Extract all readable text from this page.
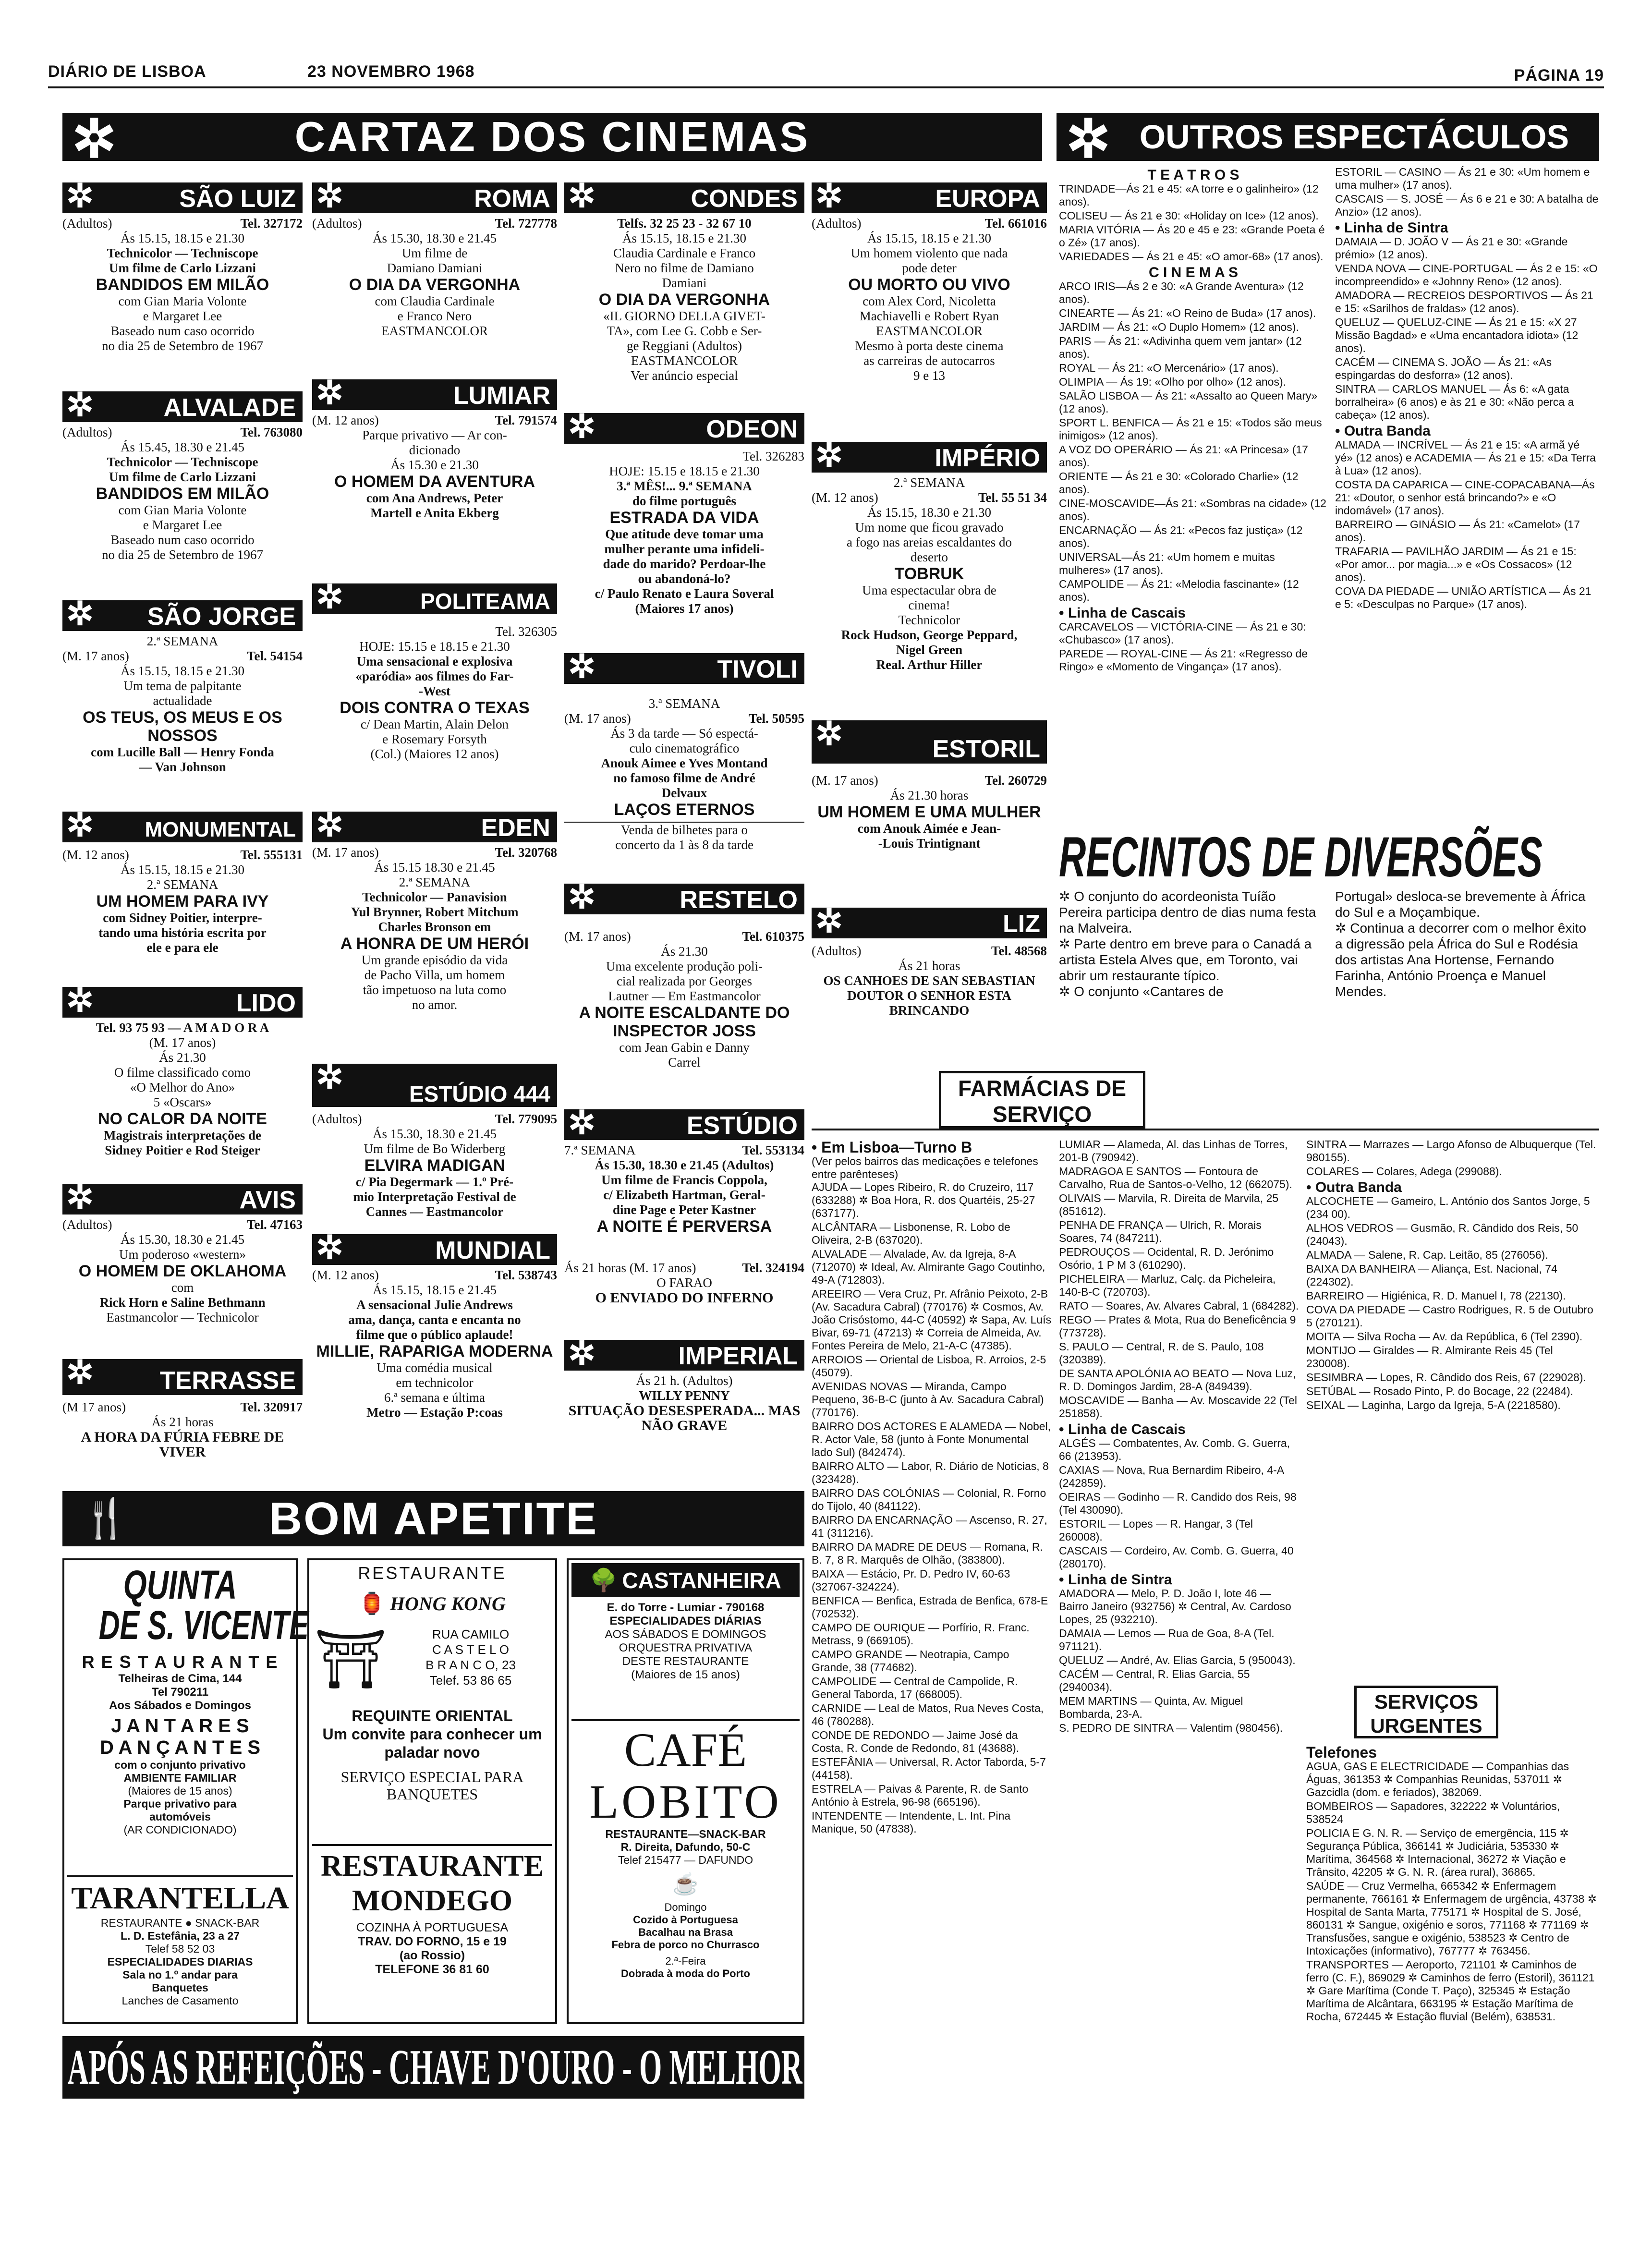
DIÁRIO DE LISBOA	23 NOVEMBRO 1968	PÁGINA 19
✲	CARTAZ DOS CINEMAS	✲ OUTROS ESPECTÁCULOS
✲	SÃO LUIZ
(Adultos)	Tel. 327172

Ás 15.15, 18.15 e 21.30

Technicolor — Techniscope

Um filme de Carlo Lizzani

BANDIDOS EM MILÃO

com Gian Maria Volonte

e Margaret Lee

Baseado num caso ocorrido

no dia 25 de Setembro de 1967

✲	ALVALADE
(Adultos)	Tel. 763080

Ás 15.45, 18.30 e 21.45

Technicolor — Techniscope

Um filme de Carlo Lizzani

BANDIDOS EM MILÃO

com Gian Maria Volonte

e Margaret Lee

Baseado num caso ocorrido

no dia 25 de Setembro de 1967

✲ SÃO JORGE

2.ª SEMANA

(M. 17 anos)	Tel. 54154

Ás 15.15, 18.15 e 21.30

Um tema de palpitante

actualidade

OS TEUS, OS MEUS E OS NOSSOS

com Lucille Ball — Henry Fonda

— Van Johnson

✲ MONUMENTAL
(M. 12 anos)	Tel. 555131

Ás 15.15, 18.15 e 21.30

2.ª SEMANA

UM HOMEM PARA IVY

com Sidney Poitier, interpre-

tando uma história escrita por

ele e para ele

✲	LIDO

Tel. 93 75 93 — A M A D O R A

(M. 17 anos)

Ás 21.30

O filme classificado como

«O Melhor do Ano»

5 «Oscars»

NO CALOR DA NOITE

Magistrais interpretações de

Sidney Poitier e Rod Steiger

✲	AVIS
(Adultos)	Tel. 47163

Ás 15.30, 18.30 e 21.45

Um poderoso «western»

O HOMEM DE OKLAHOMA

com

Rick Horn e Saline Bethmann

Eastmancolor — Technicolor

✲	TERRASSE
(M 17 anos)	Tel. 320917

Ás 21 horas

A HORA DA FÚRIA FEBRE DE VIVER

✲	ROMA
(Adultos)	Tel. 727778

Ás 15.30, 18.30 e 21.45

Um filme de

Damiano Damiani

O DIA DA VERGONHA

com Claudia Cardinale

e Franco Nero

EASTMANCOLOR

✲	LUMIAR
(M. 12 anos)	Tel. 791574

Parque privativo — Ar con-

dicionado

Ás 15.30 e 21.30

O HOMEM DA AVENTURA

com Ana Andrews, Peter

Martell e Anita Ekberg

✲	POLITEAMA

Tel. 326305

HOJE: 15.15 e 18.15 e 21.30

Uma sensacional e explosiva

«paródia» aos filmes do Far-

-West

DOIS CONTRA O TEXAS

c/ Dean Martin, Alain Delon

e Rosemary Forsyth

(Col.) (Maiores 12 anos)

✲	EDEN
(M. 17 anos)	Tel. 320768

Ás 15.15 18.30 e 21.45

2.ª SEMANA

Technicolor — Panavision

Yul Brynner, Robert Mitchum

Charles Bronson em

A HONRA DE UM HERÓI

Um grande episódio da vida

de Pacho Villa, um homem

tão impetuoso na luta como

no amor.

✲	ESTÚDIO 444
(Adultos)	Tel. 779095

Ás 15.30, 18.30 e 21.45

Um filme de Bo Widerberg

ELVIRA MADIGAN

c/ Pia Degermark — 1.º Pré-

mio Interpretação Festival de

Cannes — Eastmancolor

✲	MUNDIAL
(M. 12 anos)	Tel. 538743

Ás 15.15, 18.15 e 21.45

A sensacional Julie Andrews

ama, dança, canta e encanta no

filme que o público aplaude!

MILLIE, RAPARIGA MODERNA

Uma comédia musical

em technicolor

6.ª semana e última

Metro — Estação P:coas

✲	CONDES

Telfs. 32 25 23 - 32 67 10

Ás 15.15, 18.15 e 21.30

Claudia Cardinale e Franco

Nero no filme de Damiano

Damiani

O DIA DA VERGONHA

«IL GIORNO DELLA GIVET-

TA», com Lee G. Cobb e Ser-

ge Reggiani (Adultos)

EASTMANCOLOR

Ver anúncio especial

✲	ODEON

Tel. 326283

HOJE: 15.15 e 18.15 e 21.30

3.ª MÊS!... 9.ª SEMANA

do filme português

ESTRADA DA VIDA

Que atitude deve tomar uma

mulher perante uma infideli-

dade do marido? Perdoar-lhe

ou abandoná-lo?

c/ Paulo Renato e Laura Soveral

(Maiores 17 anos)

✲	TIVOLI

3.ª SEMANA

(M. 17 anos)	Tel. 50595

Ás 3 da tarde — Só espectá-

culo cinematográfico

Anouk Aimee e Yves Montand

no famoso filme de André

Delvaux

LAÇOS ETERNOS

Venda de bilhetes para o

concerto da 1 às 8 da tarde

✲	RESTELO
(M. 17 anos)	Tel. 610375

Ás 21.30

Uma excelente produção poli-

cial realizada por Georges

Lautner — Em Eastmancolor

A NOITE ESCALDANTE DO INSPECTOR JOSS

com Jean Gabin e Danny

Carrel

✲	ESTÚDIO
7.ª SEMANA	Tel. 553134

Ás 15.30, 18.30 e 21.45 (Adultos)

Um filme de Francis Coppola,

c/ Elizabeth Hartman, Geral-

dine Page e Peter Kastner

A NOITE É PERVERSA

Ás 21 horas (M. 17 anos)	Tel. 324194

O FARAO

O ENVIADO DO INFERNO

✲	IMPERIAL

Ás 21 h. (Adultos)

WILLY PENNY

SITUAÇÃO DESESPERADA... MAS NÃO GRAVE

✲	EUROPA
(Adultos)	Tel. 661016

Ás 15.15, 18.15 e 21.30

Um homem violento que nada

pode deter

OU MORTO OU VIVO

com Alex Cord, Nicoletta

Machiavelli e Robert Ryan

EASTMANCOLOR

Mesmo à porta deste cinema

as carreiras de autocarros

9 e 13

✲	IMPÉRIO

2.ª SEMANA

(M. 12 anos)	Tel. 55 51 34

Ás 15.15, 18.30 e 21.30

Um nome que ficou gravado

a fogo nas areias escaldantes do

deserto

TOBRUK

Uma espectacular obra de

cinema!

Technicolor

Rock Hudson, George Peppard,

Nigel Green

Real. Arthur Hiller

✲	ESTORIL
(M. 17 anos)	Tel. 260729

Ás 21.30 horas

UM HOMEM E UMA MULHER

com Anouk Aimée e Jean-

-Louis Trintignant

✲	LIZ
(Adultos)	Tel. 48568

Ás 21 horas

OS CANHOES DE SAN SEBASTIAN

DOUTOR O SENHOR ESTA

BRINCANDO

T E A T R O S

TRINDADE—Ás 21 e 45: «A torre e o galinheiro» (12 anos).

COLISEU — Ás 21 e 30: «Holiday on Ice» (12 anos).

MARIA VITÓRIA — Ás 20 e 45 e 23: «Grande Poeta é o Zé» (17 anos).

VARIEDADES — Ás 21 e 45: «O amor-68» (17 anos).

C I N E M A S

ARCO IRIS—Ás 2 e 30: «A Grande Aventura» (12 anos).

CINEARTE — Ás 21: «O Reino de Buda» (17 anos).

JARDIM — Ás 21: «O Duplo Homem» (12 anos).

PARIS — Ás 21: «Adivinha quem vem jantar» (12 anos).

ROYAL — Ás 21: «O Mercenário» (17 anos).

OLIMPIA — Ás 19: «Olho por olho» (12 anos).

SALÃO LISBOA — Ás 21: «Assalto ao Queen Mary» (12 anos).

SPORT L. BENFICA — Ás 21 e 15: «Todos são meus inimigos» (12 anos).

A VOZ DO OPERÁRIO — Ás 21: «A Princesa» (17 anos).

ORIENTE — Ás 21 e 30: «Colorado Charlie» (12 anos).

CINE-MOSCAVIDE—Ás 21: «Sombras na cidade» (12 anos).

ENCARNAÇÃO — Ás 21: «Pecos faz justiça» (12 anos).

UNIVERSAL—Ás 21: «Um homem e muitas mulheres» (17 anos).

CAMPOLIDE — Ás 21: «Melodia fascinante» (12 anos).

• Linha de Cascais

CARCAVELOS — VICTÓRIA-CINE — Ás 21 e 30: «Chubasco» (17 anos).

PAREDE — ROYAL-CINE — Ás 21: «Regresso de Ringo» e «Momento de Vingança» (17 anos).

ESTORIL — CASINO — Ás 21 e 30: «Um homem e uma mulher» (17 anos).

CASCAIS — S. JOSÉ — Ás 6 e 21 e 30: A batalha de Anzio» (12 anos).

• Linha de Sintra

DAMAIA — D. JOÃO V — Ás 21 e 30: «Grande prémio» (12 anos).

VENDA NOVA — CINE-PORTUGAL — Ás 2 e 15: «O incompreendido» e «Johnny Reno» (12 anos).

AMADORA — RECREIOS DESPORTIVOS — Ás 21 e 15: «Sarilhos de fraldas» (12 anos).

QUELUZ — QUELUZ-CINE — Ás 21 e 15: «X 27 Missão Bagdad» e «Uma encantadora idiota» (12 anos).

CACÉM — CINEMA S. JOÃO — Ás 21: «As espingardas do desforra» (12 anos).

SINTRA — CARLOS MANUEL — Ás 6: «A gata borralheira» (6 anos) e às 21 e 30: «Não perca a cabeça» (12 anos).

• Outra Banda

ALMADA — INCRÍVEL — Ás 21 e 15: «A armã yé yé» (12 anos) e ACADEMIA — Ás 21 e 15: «Da Terra à Lua» (12 anos).

COSTA DA CAPARICA — CINE-COPACABANA—Ás 21: «Doutor, o senhor está brincando?» e «O indomável» (17 anos).

BARREIRO — GINÁSIO — Ás 21: «Camelot» (17 anos).

TRAFARIA — PAVILHÃO JARDIM — Ás 21 e 15: «Por amor... por magia...» e «Os Cossacos» (12 anos).

COVA DA PIEDADE — UNIÃO ARTÍSTICA — Ás 21 e 5: «Desculpas no Parque» (17 anos).

RECINTOS DE DIVERSÕES

✲ O conjunto do acordeonista Tuíão Pereira participa dentro de dias numa festa na Malveira.

✲ Parte dentro em breve para o Canadá a artista Estela Alves que, em Toronto, vai abrir um restaurante típico.

✲ O conjunto «Cantares de

Portugal» desloca-se brevemente à África do Sul e a Moçambique.

✲ Continua a decorrer com o melhor êxito a digressão pela África do Sul e Rodésia dos artistas Ana Hortense, Fernando Farinha, António Proença e Manuel Mendes.

FARMÁCIAS DE SERVIÇO
• Em Lisboa—Turno B

(Ver pelos bairros das medicações e telefones entre parênteses)

AJUDA — Lopes Ribeiro, R. do Cruzeiro, 117 (633288) ✲ Boa Hora, R. dos Quartéis, 25-27 (637177).

ALCÂNTARA — Lisbonense, R. Lobo de Oliveira, 2-B (637020).

ALVALADE — Alvalade, Av. da Igreja, 8-A (712070) ✲ Ideal, Av. Almirante Gago Coutinho, 49-A (712803).

AREEIRO — Vera Cruz, Pr. Afrânio Peixoto, 2-B (Av. Sacadura Cabral) (770176) ✲ Cosmos, Av. João Crisóstomo, 44-C (40592) ✲ Sapa, Av. Luís Bivar, 69-71 (47213) ✲ Correia de Almeida, Av. Fontes Pereira de Melo, 21-A-C (47385).

ARROIOS — Oriental de Lisboa, R. Arroios, 2-5 (45079).

AVENIDAS NOVAS — Miranda, Campo Pequeno, 36-B-C (junto à Av. Sacadura Cabral) (770176).

BAIRRO DOS ACTORES E ALAMEDA — Nobel, R. Actor Vale, 58 (junto à Fonte Monumental lado Sul) (842474).

BAIRRO ALTO — Labor, R. Diário de Notícias, 8 (323428).

BAIRRO DAS COLÓNIAS — Colonial, R. Forno do Tijolo, 40 (841122).

BAIRRO DA ENCARNAÇÃO — Ascenso, R. 27, 41 (311216).

BAIRRO DA MADRE DE DEUS — Romana, R. B. 7, 8 R. Marquês de Olhão, (383800).

BAIXA — Estácio, Pr. D. Pedro IV, 60-63 (327067-324224).

BENFICA — Benfica, Estrada de Benfica, 678-E (702532).

CAMPO DE OURIQUE — Porfírio, R. Franc. Metrass, 9 (669105).

CAMPO GRANDE — Neotrapia, Campo Grande, 38 (774682).

CAMPOLIDE — Central de Campolide, R. General Taborda, 17 (668005).

CARNIDE — Leal de Matos, Rua Neves Costa, 46 (780288).

CONDE DE REDONDO — Jaime José da Costa, R. Conde de Redondo, 81 (43688).

ESTEFÂNIA — Universal, R. Actor Taborda, 5-7 (44158).

ESTRELA — Paivas & Parente, R. de Santo António à Estrela, 96-98 (665196).

INTENDENTE — Intendente, L. Int. Pina Manique, 50 (47838).

LUMIAR — Alameda, Al. das Linhas de Torres, 201-B (790942).

MADRAGOA E SANTOS — Fontoura de Carvalho, Rua de Santos-o-Velho, 12 (662075).

OLIVAIS — Marvila, R. Direita de Marvila, 25 (851612).

PENHA DE FRANÇA — Ulrich, R. Morais Soares, 74 (847211).

PEDROUÇOS — Ocidental, R. D. Jerónimo Osório, 1 P M 3 (610290).

PICHELEIRA — Marluz, Calç. da Picheleira, 140-B-C (720703).

RATO — Soares, Av. Alvares Cabral, 1 (684282).

REGO — Prates & Mota, Rua do Beneficência 9 (773728).

S. PAULO — Central, R. de S. Paulo, 108 (320389).

DE SANTA APOLÓNIA AO BEATO — Nova Luz, R. D. Domingos Jardim, 28-A (849439).

MOSCAVIDE — Banha — Av. Moscavide 22 (Tel 251858).

• Linha de Cascais

ALGÉS — Combatentes, Av. Comb. G. Guerra, 66 (213953).

CAXIAS — Nova, Rua Bernardim Ribeiro, 4-A (242859).

OEIRAS — Godinho — R. Candido dos Reis, 98 (Tel 430090).

ESTORIL — Lopes — R. Hangar, 3 (Tel 260008).

CASCAIS — Cordeiro, Av. Comb. G. Guerra, 40 (280170).

• Linha de Sintra

AMADORA — Melo, P. D. João I, lote 46 — Bairro Janeiro (932756) ✲ Central, Av. Cardoso Lopes, 25 (932210).

DAMAIA — Lemos — Rua de Goa, 8-A (Tel. 971121).

QUELUZ — André, Av. Elias Garcia, 5 (950043).

CACÉM — Central, R. Elias Garcia, 55 (2940034).

MEM MARTINS — Quinta, Av. Miguel Bombarda, 23-A.

S. PEDRO DE SINTRA — Valentim (980456).

SINTRA — Marrazes — Largo Afonso de Albuquerque (Tel. 980155).

COLARES — Colares, Adega (299088).

• Outra Banda

ALCOCHETE — Gameiro, L. António dos Santos Jorge, 5 (234 00).

ALHOS VEDROS — Gusmão, R. Cândido dos Reis, 50 (24043).

ALMADA — Salene, R. Cap. Leitão, 85 (276056).

BAIXA DA BANHEIRA — Aliança, Est. Nacional, 74 (224302).

BARREIRO — Higiénica, R. D. Manuel I, 78 (22130).

COVA DA PIEDADE — Castro Rodrigues, R. 5 de Outubro 5 (270121).

MOITA — Silva Rocha — Av. da República, 6 (Tel 2390).

MONTIJO — Giraldes — R. Almirante Reis 45 (Tel 230008).

SESIMBRA — Lopes, R. Cândido dos Reis, 67 (229028).

SETÚBAL — Rosado Pinto, P. do Bocage, 22 (22484).

SEIXAL — Laginha, Largo da Igreja, 5-A (2218580).

SERVIÇOS URGENTES
Telefones

AGUA, GAS E ELECTRICIDADE — Companhias das Águas, 361353 ✲ Companhias Reunidas, 537011 ✲ Gazcidla (dom. e feriados), 382069.

BOMBEIROS — Sapadores, 322222 ✲ Voluntários, 538524

POLICIA E G. N. R. — Serviço de emergência, 115 ✲ Segurança Pública, 366141 ✲ Judiciária, 535330 ✲ Marítima, 364568 ✲ Internacional, 36272 ✲ Viação e Trânsito, 42205 ✲ G. N. R. (área rural), 36865.

SAÚDE — Cruz Vermelha, 665342 ✲ Enfermagem permanente, 766161 ✲ Enfermagem de urgência, 43738 ✲ Hospital de Santa Marta, 775171 ✲ Hospital de S. José, 860131 ✲ Sangue, oxigénio e soros, 771168 ✲ 771169 ✲ Transfusões, sangue e oxigénio, 538523 ✲ Centro de Intoxicações (informativo), 767777 ✲ 763456.

TRANSPORTES — Aeroporto, 721101 ✲ Caminhos de ferro (C. F.), 869029 ✲ Caminhos de ferro (Estoril), 361121 ✲ Gare Marítima (Conde T. Paço), 325345 ✲ Estação Marítima de Alcântara, 663195 ✲ Estação Marítima de Rocha, 672445 ✲ Estação fluvial (Belém), 638531.

🍴	BOM APETITE
QUINTA
DE S. VICENTE

R E S T A U R A N T E

Telheiras de Cima, 144

Tel 790211

Aos Sábados e Domingos

J A N T A R E S

D A N Ç A N T E S

com o conjunto privativo

AMBIENTE FAMILIAR

(Maiores de 15 anos)

Parque privativo para

automóveis

(AR CONDICIONADO)

TARANTELLA

RESTAURANTE ● SNACK-BAR

L. D. Estefânia, 23 a 27

Telef 58 52 03

ESPECIALIDADES DIARIAS

Sala no 1.º andar para

Banquetes

Lanches de Casamento

RESTAURANTE

🏮 HONG KONG
⛩	RUA CAMILO

C A S T E L O

B R A N C O, 23

Telef. 53 86 65

REQUINTE ORIENTAL

Um convite para conhecer um paladar novo

SERVIÇO ESPECIAL PARA BANQUETES

RESTAURANTE MONDEGO

COZINHA À PORTUGUESA

TRAV. DO FORNO, 15 e 19

(ao Rossio)

TELEFONE 36 81 60

🌳 CASTANHEIRA

E. do Torre - Lumiar - 790168

ESPECIALIDADES DIÁRIAS

AOS SÁBADOS E DOMINGOS

ORQUESTRA PRIVATIVA

DESTE RESTAURANTE

(Maiores de 15 anos)

CAFÉ

LOBITO

RESTAURANTE—SNACK-BAR

R. Direita, Dafundo, 50-C

Telef 215477 — DAFUNDO

☕

Domingo

Cozido à Portuguesa

Bacalhau na Brasa

Febra de porco no Churrasco

2.ª-Feira

Dobrada à moda do Porto

APÓS AS REFEIÇÕES - CHAVE D'OURO - O MELHOR CAFÉ
